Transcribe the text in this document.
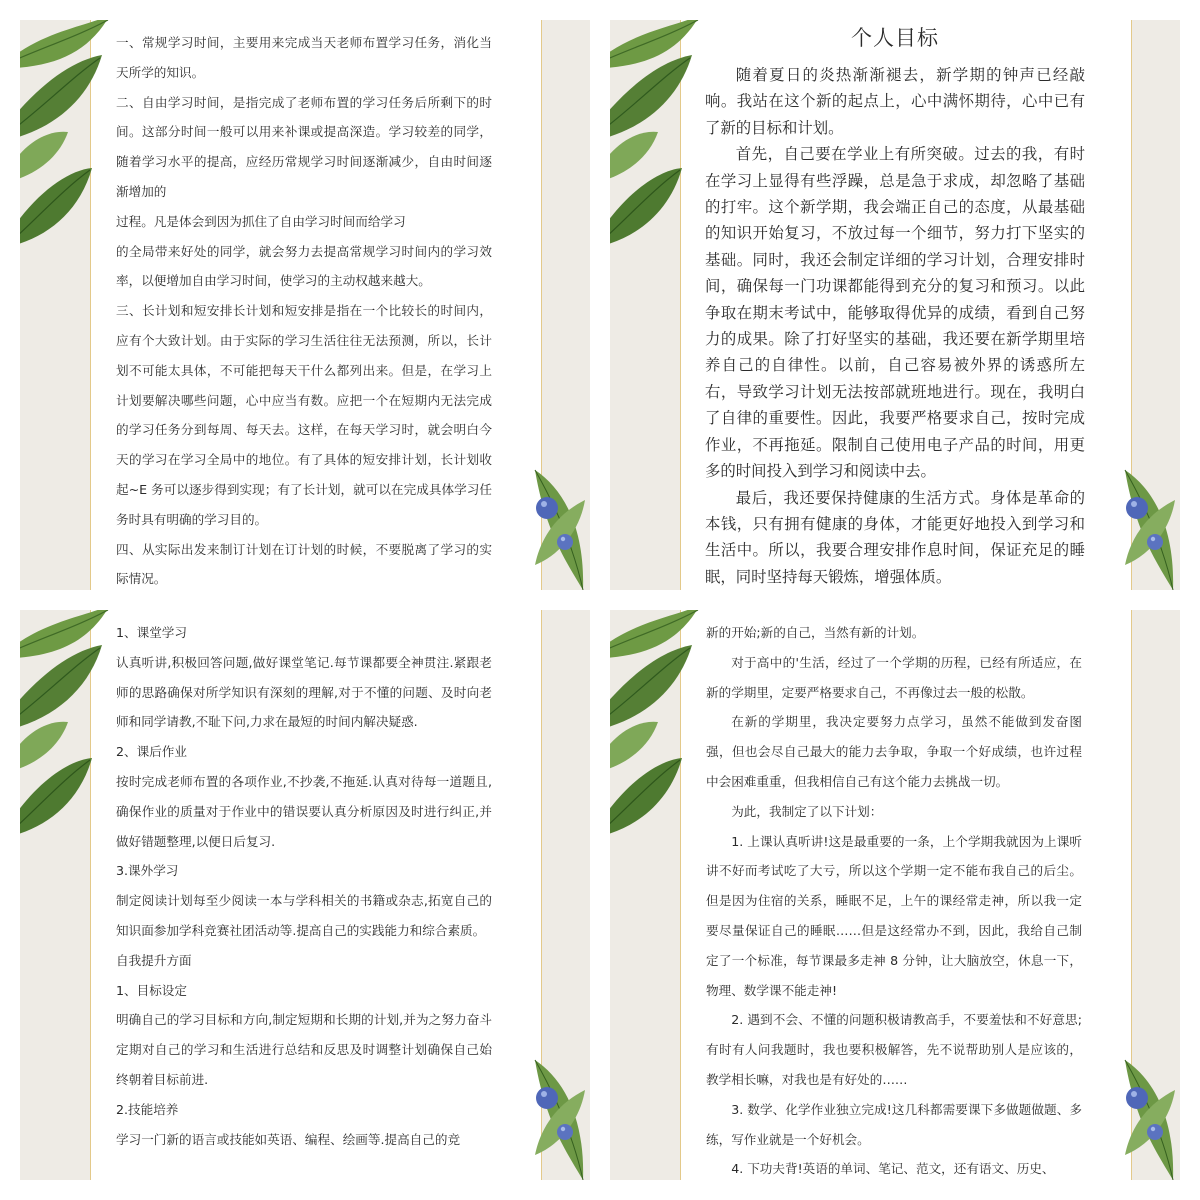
一、常规学习时间，主要用来完成当天老师布置学习任务，消化当天所学的知识。

二、自由学习时间，是指完成了老师布置的学习任务后所剩下的时间。这部分时间一般可以用来补课或提高深造。学习较差的同学，随着学习水平的提高，应经历常规学习时间逐渐减少，自由时间逐渐增加的

过程。凡是体会到因为抓住了自由学习时间而给学习

的全局带来好处的同学，就会努力去提高常规学习时间内的学习效率，以便增加自由学习时间，使学习的主动权越来越大。

三、长计划和短安排长计划和短安排是指在一个比较长的时间内，应有个大致计划。由于实际的学习生活往往无法预测，所以，长计划不可能太具体，不可能把每天干什么都列出来。但是，在学习上计划要解决哪些问题，心中应当有数。应把一个在短期内无法完成的学习任务分到每周、每天去。这样，在每天学习时，就会明白今天的学习在学习全局中的地位。有了具体的短安排计划，长计划收起~E 务可以逐步得到实现；有了长计划，就可以在完成具体学习任务时具有明确的学习目的。

四、从实际出发来制订计划在订计划的时候，不要脱离了学习的实际情况。

个人目标

随着夏日的炎热渐渐褪去，新学期的钟声已经敲响。我站在这个新的起点上，心中满怀期待，心中已有了新的目标和计划。

首先，自己要在学业上有所突破。过去的我，有时在学习上显得有些浮躁，总是急于求成，却忽略了基础的打牢。这个新学期，我会端正自己的态度，从最基础的知识开始复习，不放过每一个细节，努力打下坚实的基础。同时，我还会制定详细的学习计划，合理安排时间，确保每一门功课都能得到充分的复习和预习。以此争取在期末考试中，能够取得优异的成绩，看到自己努力的成果。除了打好坚实的基础，我还要在新学期里培养自己的自律性。以前，自己容易被外界的诱惑所左右，导致学习计划无法按部就班地进行。现在，我明白了自律的重要性。因此，我要严格要求自己，按时完成作业，不再拖延。限制自己使用电子产品的时间，用更多的时间投入到学习和阅读中去。

最后，我还要保持健康的生活方式。身体是革命的本钱，只有拥有健康的身体，才能更好地投入到学习和生活中。所以，我要合理安排作息时间，保证充足的睡眠，同时坚持每天锻炼，增强体质。

1、课堂学习

认真听讲,积极回答问题,做好课堂笔记.每节课都要全神贯注.紧跟老师的思路确保对所学知识有深刻的理解,对于不懂的问题、及时向老师和同学请教,不耻下问,力求在最短的时间内解决疑惑.

2、课后作业

按时完成老师布置的各项作业,不抄袭,不拖延.认真对待每一道题且,确保作业的质量对于作业中的错误要认真分析原因及时进行纠正,并做好错题整理,以便日后复习.

3.课外学习

制定阅读计划每至少阅读一本与学科相关的书籍或杂志,拓宽自己的知识面参加学科竞赛社团活动等.提高自己的实践能力和综合素质。

自我提升方面

1、目标设定

明确自己的学习目标和方向,制定短期和长期的计划,并为之努力奋斗定期对自己的学习和生活进行总结和反思及时调整计划确保自己始终朝着目标前进.

2.技能培养

学习一门新的语言或技能如英语、编程、绘画等.提高自己的竞

新的开始;新的自己，当然有新的计划。

对于高中的'生活，经过了一个学期的历程，已经有所适应，在新的学期里，定要严格要求自己，不再像过去一般的松散。

在新的学期里，我决定要努力点学习，虽然不能做到发奋图强，但也会尽自己最大的能力去争取，争取一个好成绩，也许过程中会困难重重，但我相信自己有这个能力去挑战一切。

为此，我制定了以下计划：

1. 上课认真听讲!这是最重要的一条，上个学期我就因为上课听讲不好而考试吃了大亏，所以这个学期一定不能布我自己的后尘。但是因为住宿的关系，睡眠不足，上午的课经常走神，所以我一定要尽量保证自己的睡眠……但是这经常办不到，因此，我给自己制定了一个标准，每节课最多走神 8 分钟，让大脑放空，休息一下，物理、数学课不能走神!

2. 遇到不会、不懂的问题积极请教高手，不要羞怯和不好意思;有时有人问我题时，我也要积极解答，先不说帮助别人是应该的，教学相长嘛，对我也是有好处的……

3. 数学、化学作业独立完成!这几科都需要课下多做题做题、多练，写作业就是一个好机会。

4. 下功夫背!英语的单词、笔记、范文，还有语文、历史、
